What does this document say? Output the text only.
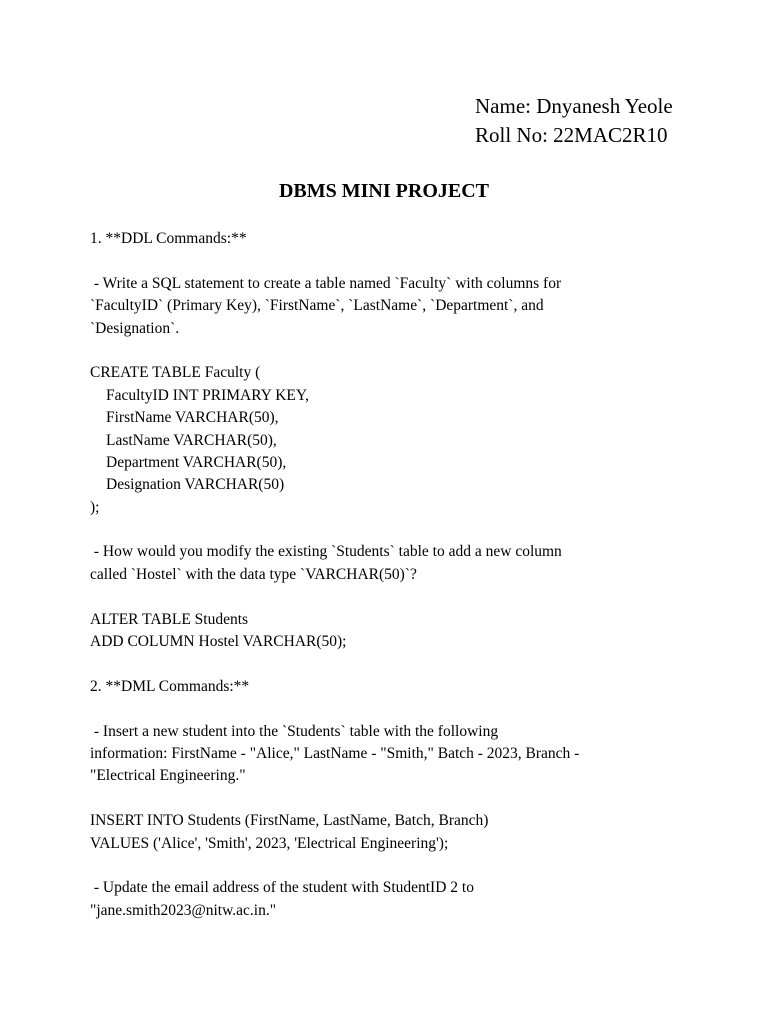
Name: Dnyanesh Yeole
Roll No: 22MAC2R10
DBMS MINI PROJECT
1. **DDL Commands:**
- Write a SQL statement to create a table named `Faculty` with columns for
`FacultyID` (Primary Key), `FirstName`, `LastName`, `Department`, and
`Designation`.
CREATE TABLE Faculty (
FacultyID INT PRIMARY KEY,
FirstName VARCHAR(50),
LastName VARCHAR(50),
Department VARCHAR(50),
Designation VARCHAR(50)
);
- How would you modify the existing `Students` table to add a new column
called `Hostel` with the data type `VARCHAR(50)`?
ALTER TABLE Students
ADD COLUMN Hostel VARCHAR(50);
2. **DML Commands:**
- Insert a new student into the `Students` table with the following
information: FirstName - "Alice," LastName - "Smith," Batch - 2023, Branch -
"Electrical Engineering."
INSERT INTO Students (FirstName, LastName, Batch, Branch)
VALUES ('Alice', 'Smith', 2023, 'Electrical Engineering');
- Update the email address of the student with StudentID 2 to
"jane.smith2023@nitw.ac.in."
